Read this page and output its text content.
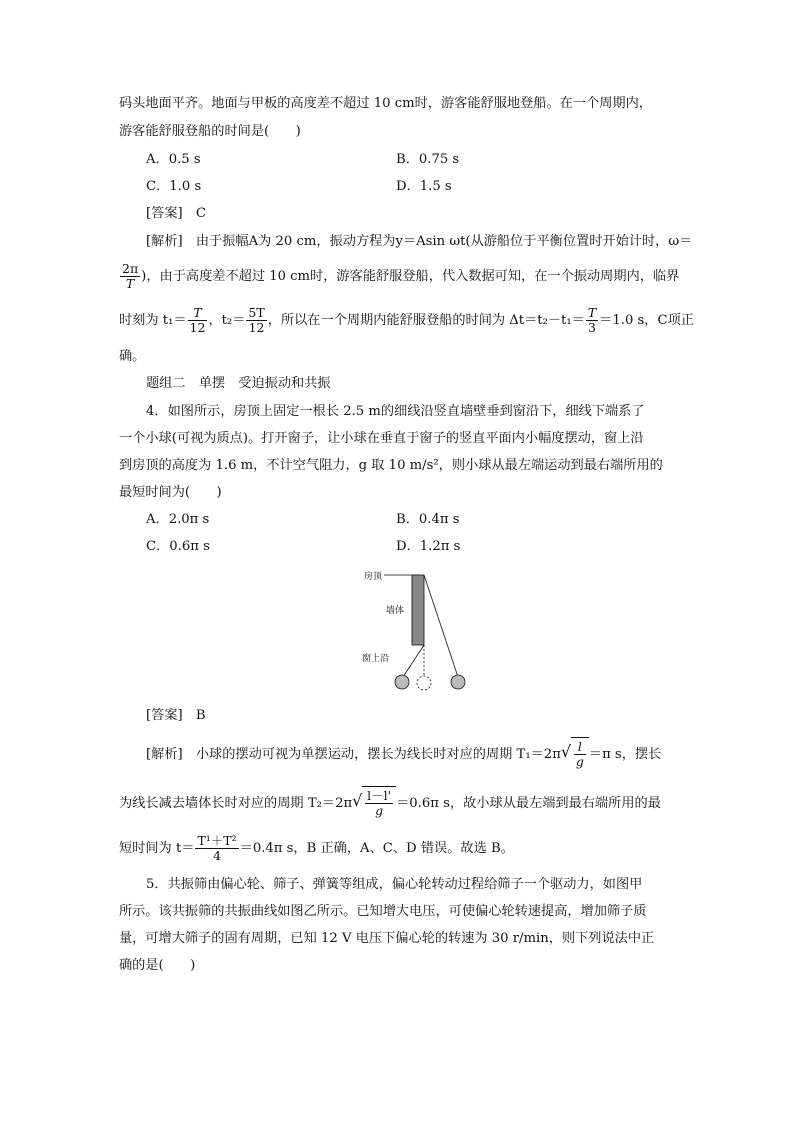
码头地面平齐。地面与甲板的高度差不超过 10 cm时，游客能舒服地登船。在一个周期内，
游客能舒服登船的时间是(　　)
A．0.5 s	B．0.75 s
C．1.0 s	D．1.5 s
[答案]　C
[解析]　由于振幅A为 20 cm，振动方程为y＝Asin ωt(从游船位于平衡位置时开始计时，ω＝
$\frac{2\pi}{T}$ )，由于高度差不超过 10 cm时，游客能舒服登船，代入数据可知，在一个振动周期内，临界
时刻为 $t_1= \frac{T}{12}$ ，$t_2= \frac{5T}{12}$ ，所以在一个周期内能舒服登船的时间为 $\Delta t=t_2-t_1= \frac{T}{3} =1.0$ s，C项正
确。
题组二　单摆　受迫振动和共振
4．如图所示，房顶上固定一根长 2.5 m的细线沿竖直墙壁垂到窗沿下，细线下端系了
一个小球(可视为质点)。打开窗子，让小球在垂直于窗子的竖直平面内小幅度摆动，窗上沿
到房顶的高度为 1.6 m，不计空气阻力，g 取 10 m/s²，则小球从最左端运动到最右端所用的
最短时间为(　　)
A．2.0π s	B．0.4π s
C．0.6π s	D．1.2π s
房顶
墙体
窗上沿
[答案]　B
[解析]　小球的摆动可视为单摆运动，摆长为线长时对应的周期 T₁＝2π √ $\frac{l}{g} =\pi$ s，摆长
为线长减去墙体长时对应的周期 T₂＝2π √ $\frac{l-l'}{g} =0.6\pi$ s，故小球从最左端到最右端所用的最
短时间为 $t= \frac{\text{T¹＋T²}}{4} =0.4\pi$ s，B 正确，A、C、D 错误。故选 B。
5．共振筛由偏心轮、筛子、弹簧等组成，偏心轮转动过程给筛子一个驱动力，如图甲
所示。该共振筛的共振曲线如图乙所示。已知增大电压，可使偏心轮转速提高，增加筛子质
量，可增大筛子的固有周期，已知 12 V 电压下偏心轮的转速为 30 r/min，则下列说法中正
确的是(　　)
